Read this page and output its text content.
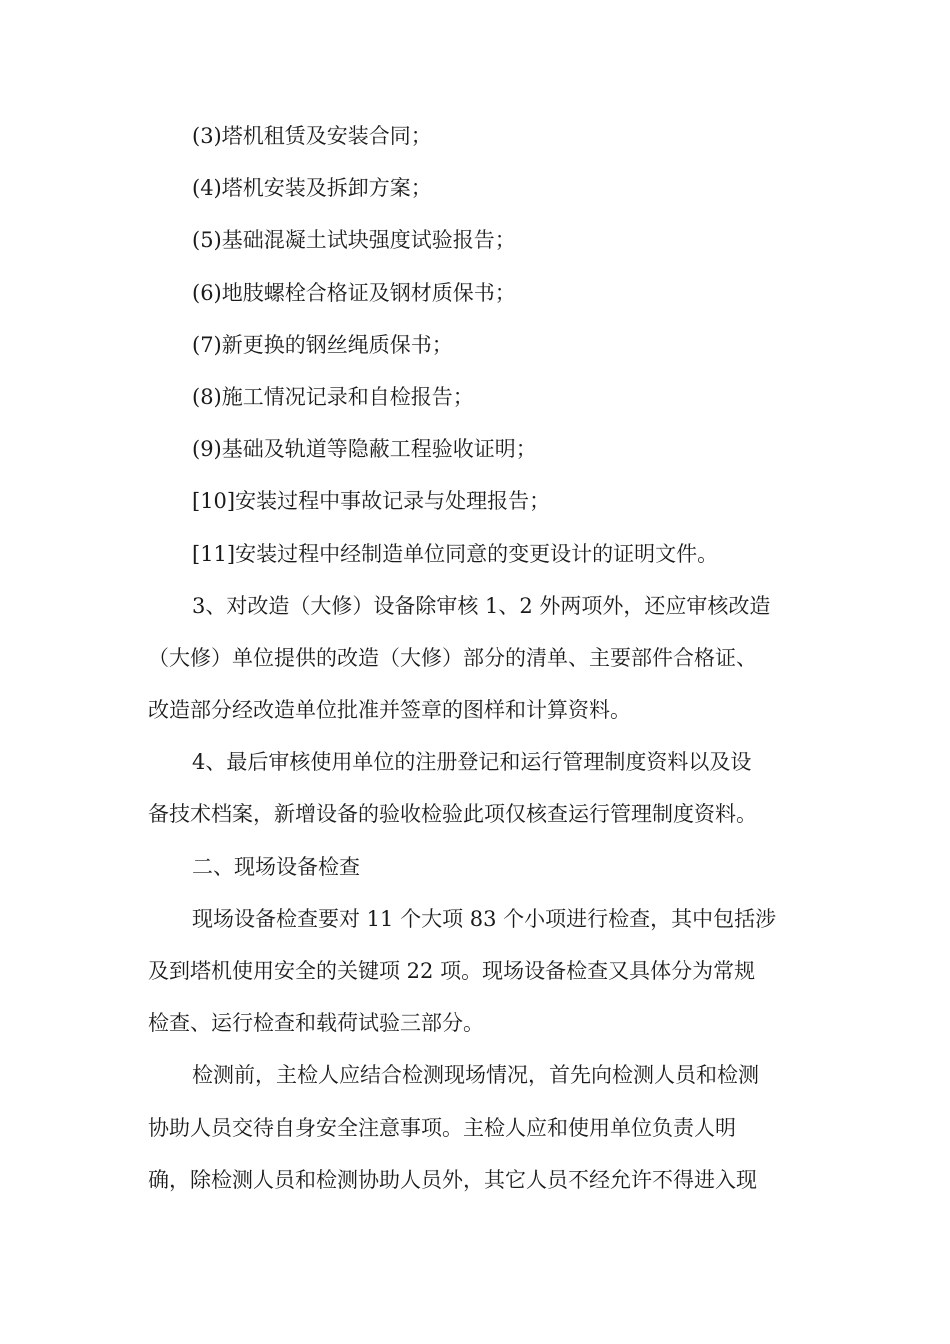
(3)塔机租赁及安装合同；
(4)塔机安装及拆卸方案；
(5)基础混凝土试块强度试验报告；
(6)地肢螺栓合格证及钢材质保书；
(7)新更换的钢丝绳质保书；
(8)施工情况记录和自检报告；
(9)基础及轨道等隐蔽工程验收证明；
[10]安装过程中事故记录与处理报告；
[11]安装过程中经制造单位同意的变更设计的证明文件。
3、对改造（大修）设备除审核 1、2 外两项外，还应审核改造
（大修）单位提供的改造（大修）部分的清单、主要部件合格证、
改造部分经改造单位批准并签章的图样和计算资料。
4、最后审核使用单位的注册登记和运行管理制度资料以及设
备技术档案，新增设备的验收检验此项仅核查运行管理制度资料。
二、现场设备检查
现场设备检查要对 11 个大项 83 个小项进行检查，其中包括涉
及到塔机使用安全的关键项 22 项。现场设备检查又具体分为常规
检查、运行检查和载荷试验三部分。
检测前，主检人应结合检测现场情况，首先向检测人员和检测
协助人员交待自身安全注意事项。主检人应和使用单位负责人明
确，除检测人员和检测协助人员外，其它人员不经允许不得进入现
